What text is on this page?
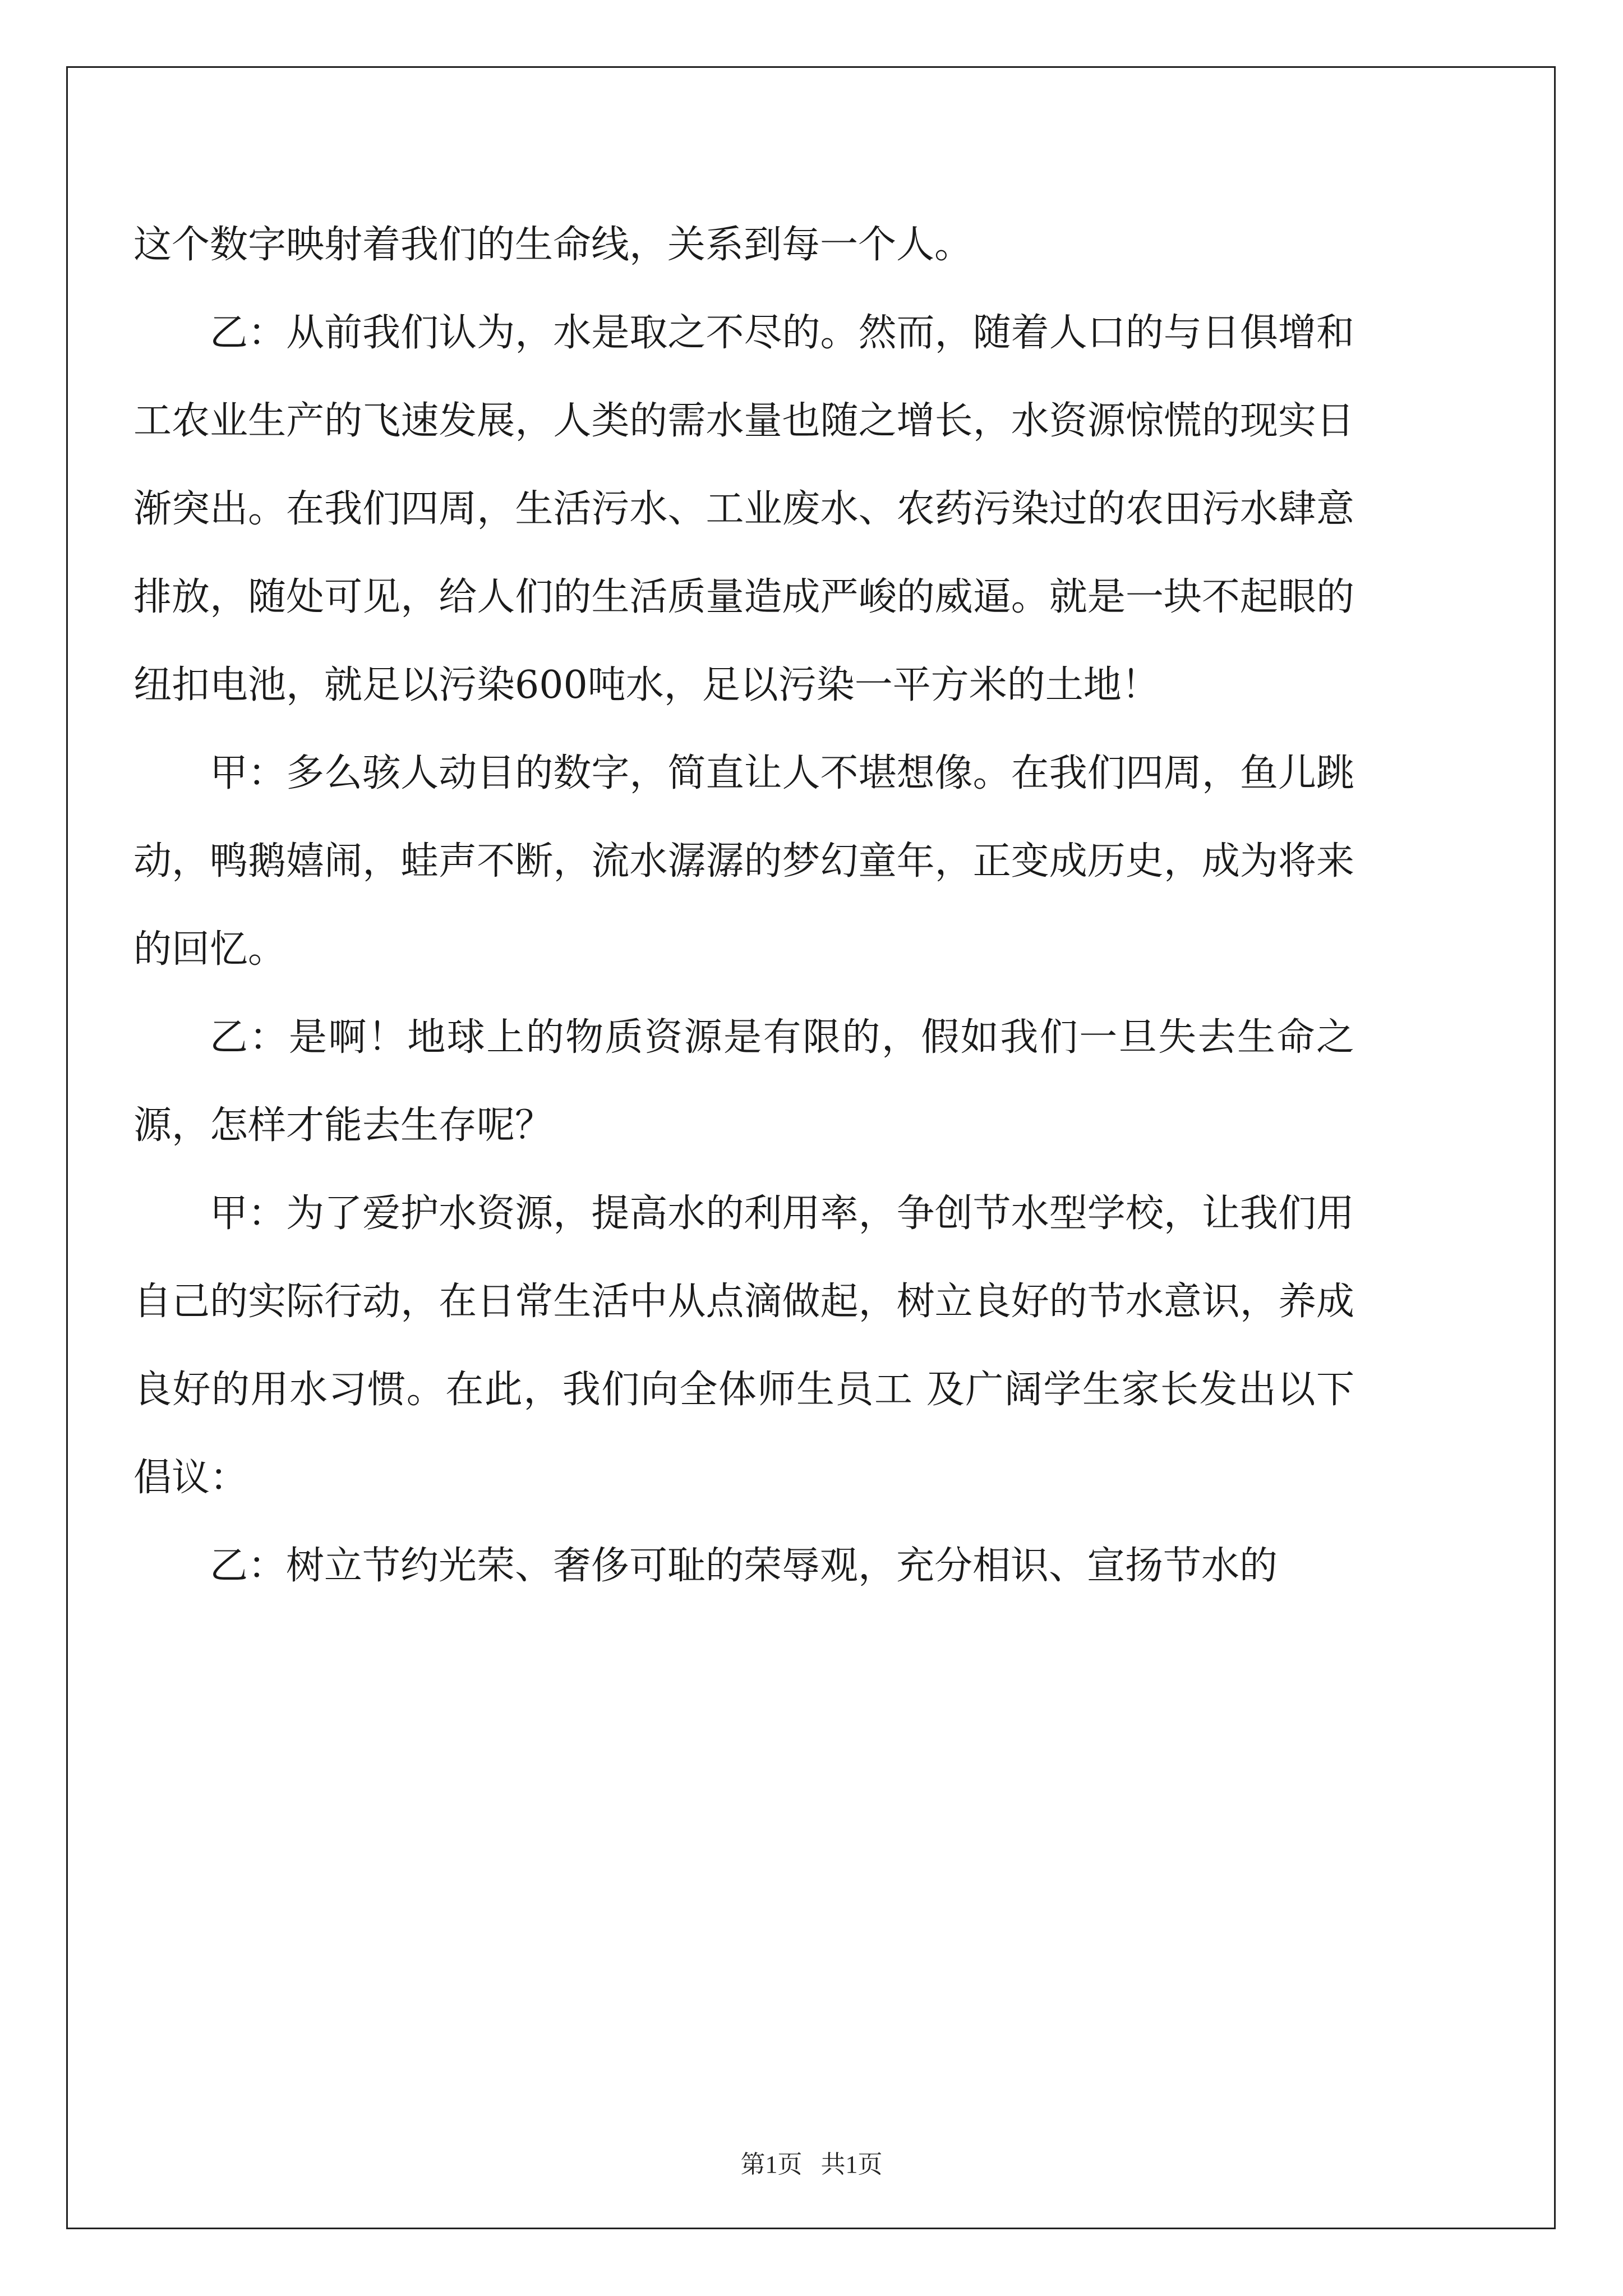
这个数字映射着我们的生命线，关系到每一个人。

乙：从前我们认为，水是取之不尽的。然而，随着人口的与日俱增和工农业生产的飞速发展，人类的需水量也随之增长，水资源惊慌的现实日渐突出。在我们四周，生活污水、工业废水、农药污染过的农田污水肆意排放，随处可见，给人们的生活质量造成严峻的威逼。就是一块不起眼的纽扣电池，就足以污染600吨水，足以污染一平方米的土地！

甲：多么骇人动目的数字，简直让人不堪想像。在我们四周，鱼儿跳动，鸭鹅嬉闹，蛙声不断，流水潺潺的梦幻童年，正变成历史，成为将来的回忆。

乙：是啊！地球上的物质资源是有限的，假如我们一旦失去生命之源，怎样才能去生存呢？

甲：为了爱护水资源，提高水的利用率，争创节水型学校，让我们用自己的实际行动，在日常生活中从点滴做起，树立良好的节水意识，养成良好的用水习惯。在此，我们向全体师生员工 及广阔学生家长发出以下倡议：

乙：树立节约光荣、奢侈可耻的荣辱观，充分相识、宣扬节水的

第1页   共1页
